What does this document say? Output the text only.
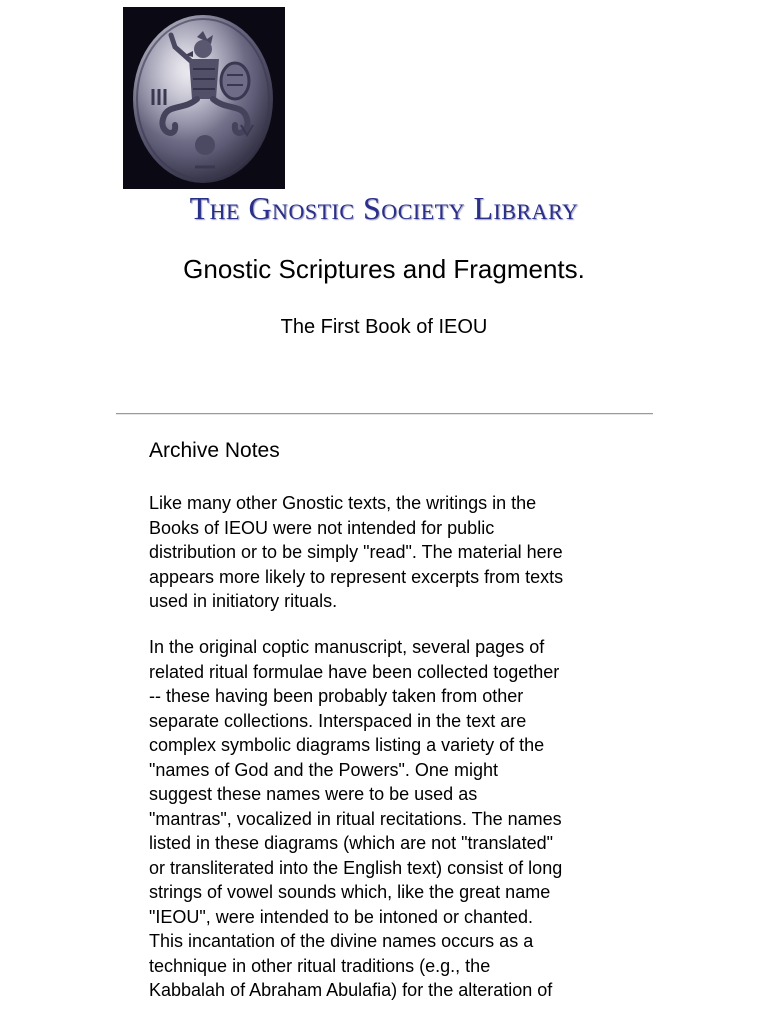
The Gnostic Society Library
Gnostic Scriptures and Fragments.
The First Book of IEOU
Archive Notes

Like many other Gnostic texts, the writings in the
Books of IEOU were not intended for public
distribution or to be simply "read". The material here
appears more likely to represent excerpts from texts
used in initiatory rituals.

In the original coptic manuscript, several pages of
related ritual formulae have been collected together
-- these having been probably taken from other
separate collections. Interspaced in the text are
complex symbolic diagrams listing a variety of the
"names of God and the Powers". One might
suggest these names were to be used as
"mantras", vocalized in ritual recitations. The names
listed in these diagrams (which are not "translated"
or transliterated into the English text) consist of long
strings of vowel sounds which, like the great name
"IEOU", were intended to be intoned or chanted.
This incantation of the divine names occurs as a
technique in other ritual traditions (e.g., the
Kabbalah of Abraham Abulafia) for the alteration of
